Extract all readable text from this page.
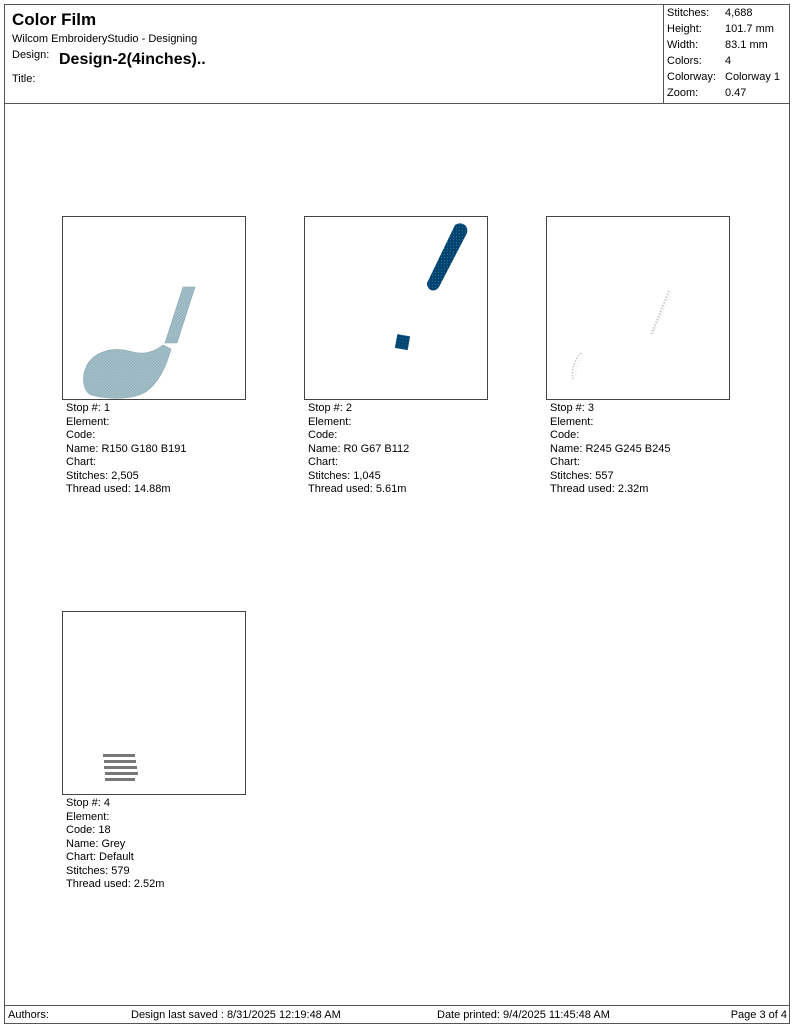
Color Film
Wilcom EmbroideryStudio - Designing
Design: Design-2(4inches)..
Title:
Stitches: 4,688
Height: 101.7 mm
Width: 83.1 mm
Colors: 4
Colorway: Colorway 1
Zoom: 0.47
Stop #: 1
Element:
Code:
Name: R150 G180 B191
Chart:
Stitches: 2,505
Thread used: 14.88m
Stop #: 2
Element:
Code:
Name: R0 G67 B112
Chart:
Stitches: 1,045
Thread used: 5.61m
Stop #: 3
Element:
Code:
Name: R245 G245 B245
Chart:
Stitches: 557
Thread used: 2.32m
Stop #: 4
Element:
Code: 18
Name: Grey
Chart: Default
Stitches: 579
Thread used: 2.52m
Authors:	Design last saved : 8/31/2025 12:19:48 AM	Date printed: 9/4/2025 11:45:48 AM	Page 3 of 4
